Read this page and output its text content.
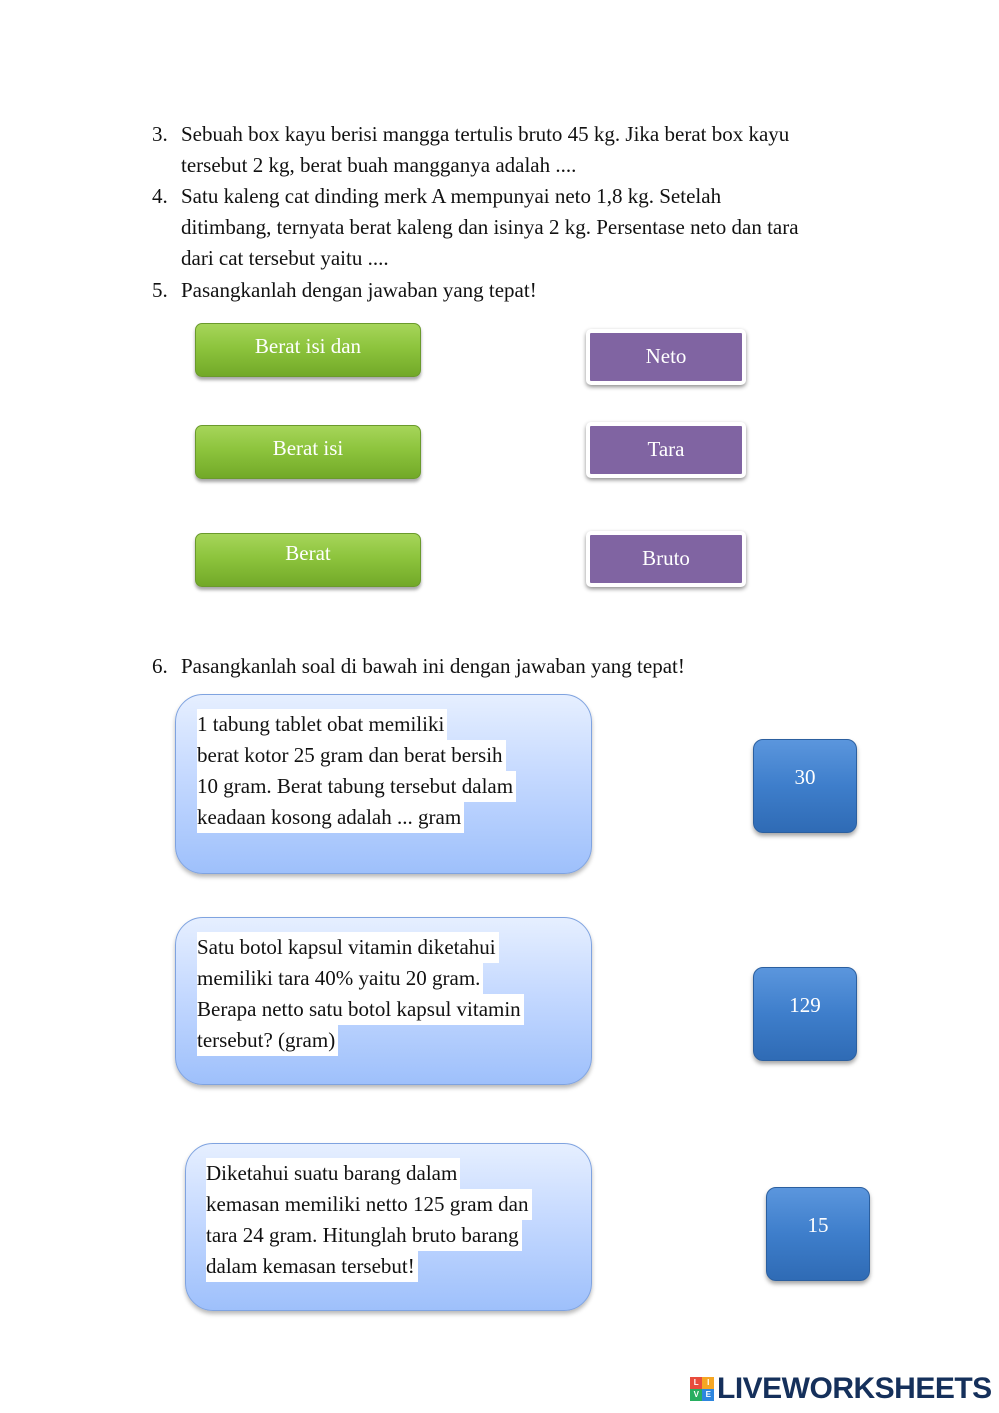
3. Sebuah box kayu berisi mangga tertulis bruto 45 kg. Jika berat box kayu
tersebut 2 kg, berat buah mangganya adalah ....
4. Satu kaleng cat dinding merk A mempunyai neto 1,8 kg. Setelah
ditimbang, ternyata berat kaleng dan isinya 2 kg. Persentase neto dan tara
dari cat tersebut yaitu ....
5. Pasangkanlah dengan jawaban yang tepat!
Berat isi dan
Berat isi
Berat
Neto
Tara
Bruto
6. Pasangkanlah soal di bawah ini dengan jawaban yang tepat!
1 tabung tablet obat memiliki
berat kotor 25 gram dan berat bersih
10 gram. Berat tabung tersebut dalam
keadaan kosong adalah ... gram
Satu botol kapsul vitamin diketahui
memiliki tara 40% yaitu 20 gram.
Berapa netto satu botol kapsul vitamin
tersebut? (gram)
Diketahui suatu barang dalam
kemasan memiliki netto 125 gram dan
tara 24 gram. Hitunglah bruto barang
dalam kemasan tersebut!
30
129
15
L	I
V E LIVEWORKSHEETS
